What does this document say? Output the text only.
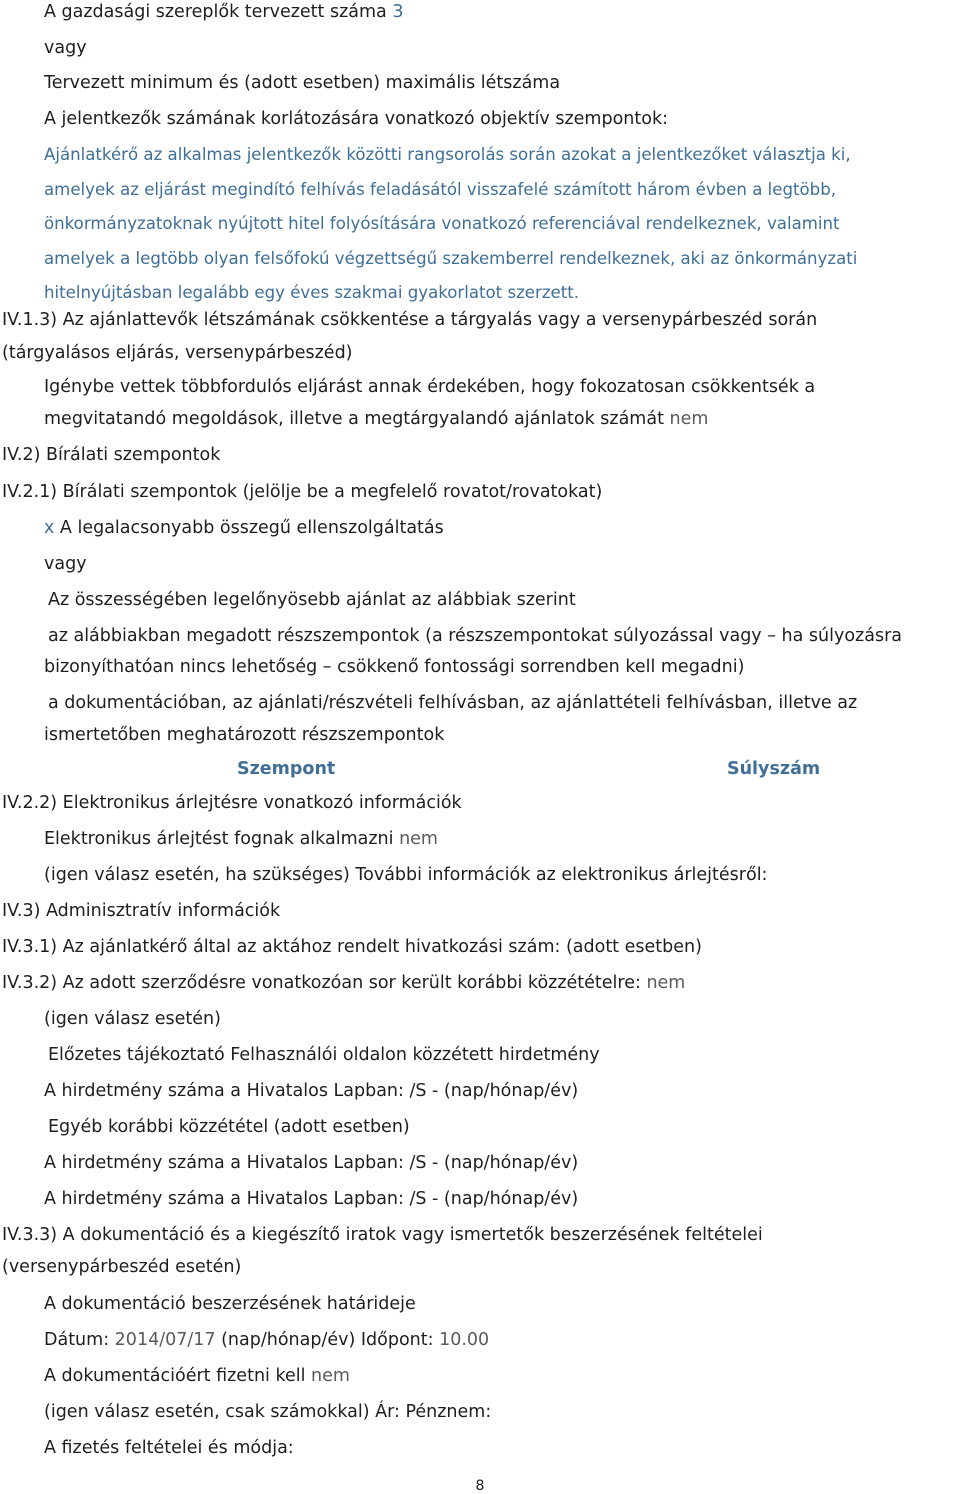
A gazdasági szereplők tervezett száma 3
vagy
Tervezett minimum és (adott esetben) maximális létszáma
A jelentkezők számának korlátozására vonatkozó objektív szempontok:
Ajánlatkérő az alkalmas jelentkezők közötti rangsorolás során azokat a jelentkezőket választja ki,
amelyek az eljárást megindító felhívás feladásától visszafelé számított három évben a legtöbb,
önkormányzatoknak nyújtott hitel folyósítására vonatkozó referenciával rendelkeznek, valamint
amelyek a legtöbb olyan felsőfokú végzettségű szakemberrel rendelkeznek, aki az önkormányzati
hitelnyújtásban legalább egy éves szakmai gyakorlatot szerzett.
IV.1.3) Az ajánlattevők létszámának csökkentése a tárgyalás vagy a versenypárbeszéd során
(tárgyalásos eljárás, versenypárbeszéd)
Igénybe vettek többfordulós eljárást annak érdekében, hogy fokozatosan csökkentsék a
megvitatandó megoldások, illetve a megtárgyalandó ajánlatok számát nem
IV.2) Bírálati szempontok
IV.2.1) Bírálati szempontok (jelölje be a megfelelő rovatot/rovatokat)
x A legalacsonyabb összegű ellenszolgáltatás
vagy
Az összességében legelőnyösebb ajánlat az alábbiak szerint
az alábbiakban megadott részszempontok (a részszempontokat súlyozással vagy – ha súlyozásra
bizonyíthatóan nincs lehetőség – csökkenő fontossági sorrendben kell megadni)
a dokumentációban, az ajánlati/részvételi felhívásban, az ajánlattételi felhívásban, illetve az
ismertetőben meghatározott részszempontok
Szempont	Súlyszám
IV.2.2) Elektronikus árlejtésre vonatkozó információk
Elektronikus árlejtést fognak alkalmazni nem
(igen válasz esetén, ha szükséges) További információk az elektronikus árlejtésről:
IV.3) Adminisztratív információk
IV.3.1) Az ajánlatkérő által az aktához rendelt hivatkozási szám: (adott esetben)
IV.3.2) Az adott szerződésre vonatkozóan sor került korábbi közzétételre: nem
(igen válasz esetén)
Előzetes tájékoztató Felhasználói oldalon közzétett hirdetmény
A hirdetmény száma a Hivatalos Lapban: /S - (nap/hónap/év)
Egyéb korábbi közzététel (adott esetben)
A hirdetmény száma a Hivatalos Lapban: /S - (nap/hónap/év)
A hirdetmény száma a Hivatalos Lapban: /S - (nap/hónap/év)
IV.3.3) A dokumentáció és a kiegészítő iratok vagy ismertetők beszerzésének feltételei
(versenypárbeszéd esetén)
A dokumentáció beszerzésének határideje
Dátum: 2014/07/17 (nap/hónap/év) Időpont: 10.00
A dokumentációért fizetni kell nem
(igen válasz esetén, csak számokkal) Ár: Pénznem:
A fizetés feltételei és módja:
8
